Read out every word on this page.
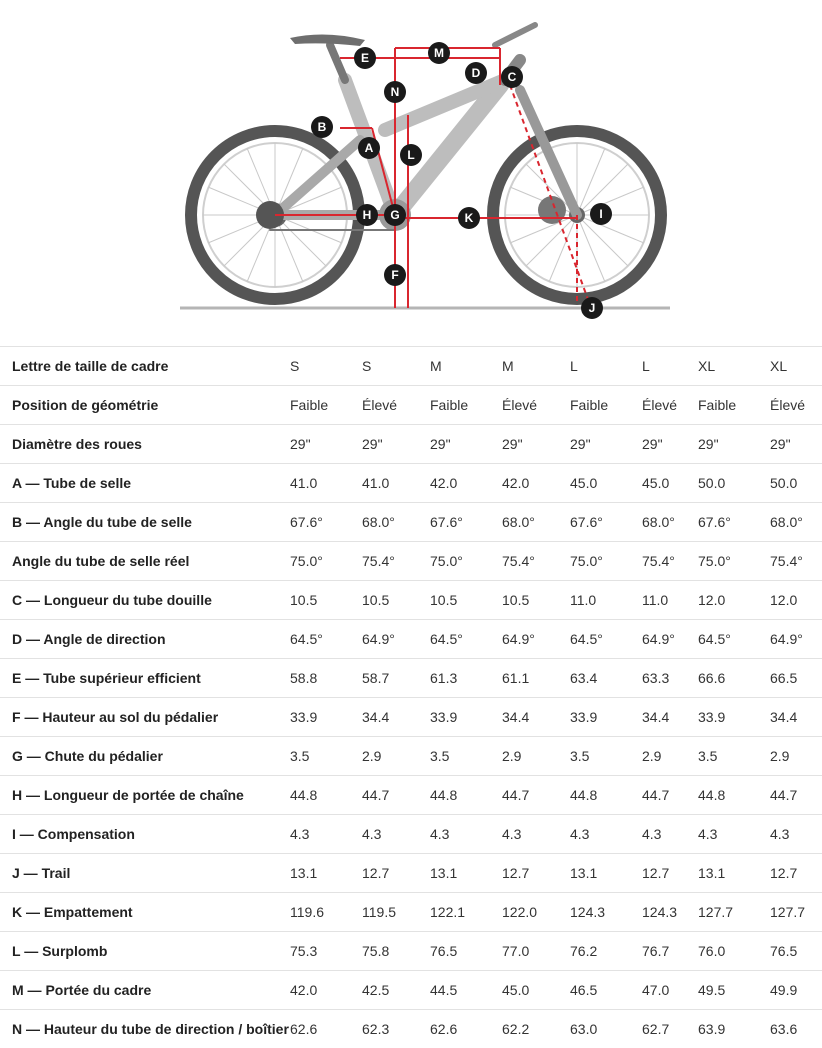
A
B
C
D
E
F
G
H	I
J
K
L
M
N
Lettre de taille de cadre	S	S	M	M	L	L	XL	XL
Position de géométrie	Faible	Élevé	Faible	Élevé	Faible	Élevé	Faible	Élevé
Diamètre des roues	29"	29"	29"	29"	29"	29"	29"	29"
A — Tube de selle	41.0	41.0	42.0	42.0	45.0	45.0	50.0	50.0
B — Angle du tube de selle	67.6°	68.0°	67.6°	68.0°	67.6°	68.0°	67.6°	68.0°
Angle du tube de selle réel	75.0°	75.4°	75.0°	75.4°	75.0°	75.4°	75.0°	75.4°
C — Longueur du tube douille	10.5	10.5	10.5	10.5	11.0	11.0	12.0	12.0
D — Angle de direction	64.5°	64.9°	64.5°	64.9°	64.5°	64.9°	64.5°	64.9°
E — Tube supérieur efficient	58.8	58.7	61.3	61.1	63.4	63.3	66.6	66.5
F — Hauteur au sol du pédalier	33.9	34.4	33.9	34.4	33.9	34.4	33.9	34.4
G — Chute du pédalier	3.5	2.9	3.5	2.9	3.5	2.9	3.5	2.9
H — Longueur de portée de chaîne	44.8	44.7	44.8	44.7	44.8	44.7	44.8	44.7
I — Compensation	4.3	4.3	4.3	4.3	4.3	4.3	4.3	4.3
J — Trail	13.1	12.7	13.1	12.7	13.1	12.7	13.1	12.7
K — Empattement	119.6	119.5	122.1	122.0	124.3	124.3	127.7	127.7
L — Surplomb	75.3	75.8	76.5	77.0	76.2	76.7	76.0	76.5
M — Portée du cadre	42.0	42.5	44.5	45.0	46.5	47.0	49.5	49.9
N — Hauteur du tube de direction / boîtier	62.6	62.3	62.6	62.2	63.0	62.7	63.9	63.6
